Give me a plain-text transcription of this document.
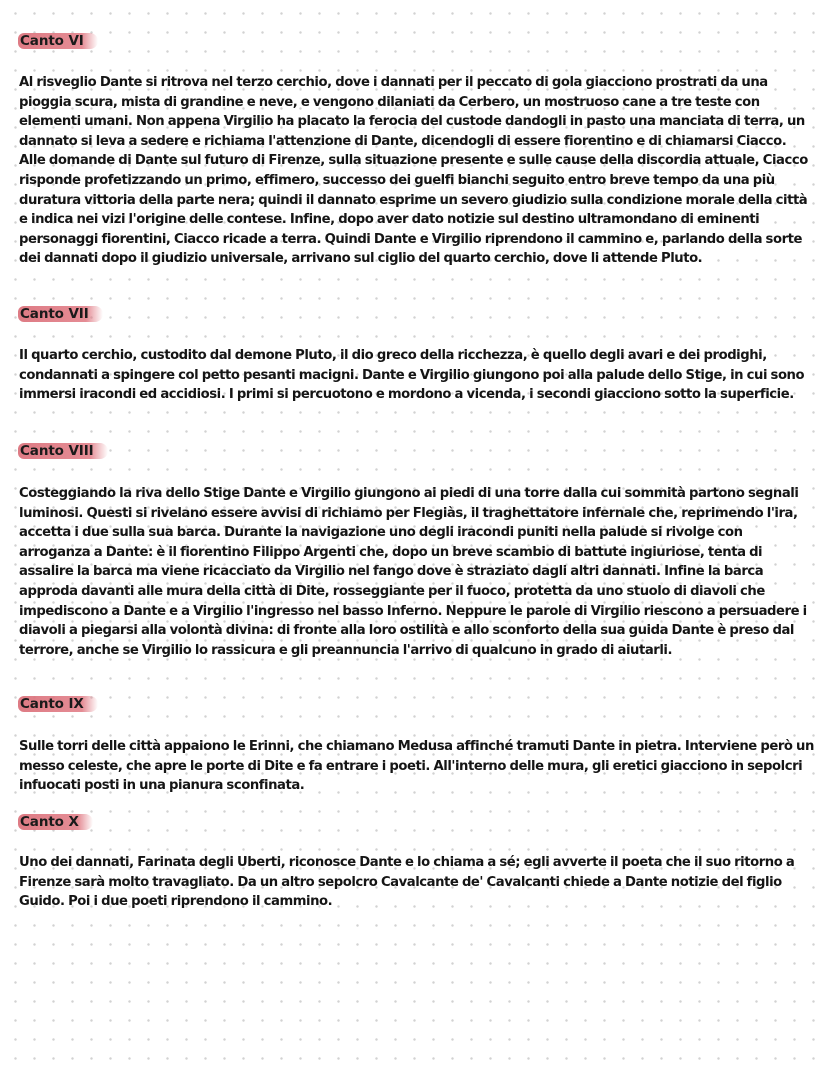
Canto VI

Al risveglio Dante si ritrova nel terzo cerchio, dove i dannati per il peccato di gola giacciono prostrati da una pioggia scura, mista di grandine e neve, e vengono dilaniati da Cerbero, un mostruoso cane a tre teste con elementi umani. Non appena Virgilio ha placato la ferocia del custode dandogli in pasto una manciata di terra, un dannato si leva a sedere e richiama l'attenzione di Dante, dicendogli di essere fiorentino e di chiamarsi Ciacco. Alle domande di Dante sul futuro di Firenze, sulla situazione presente e sulle cause della discordia attuale, Ciacco risponde profetizzando un primo, effimero, successo dei guelfi bianchi seguito entro breve tempo da una più duratura vittoria della parte nera; quindi il dannato esprime un severo giudizio sulla condizione morale della città e indica nei vizi l'origine delle contese. Infine, dopo aver dato notizie sul destino ultramondano di eminenti personaggi fiorentini, Ciacco ricade a terra. Quindi Dante e Virgilio riprendono il cammino e, parlando della sorte dei dannati dopo il giudizio universale, arrivano sul ciglio del quarto cerchio, dove li attende Pluto.

Canto VII

Il quarto cerchio, custodito dal demone Pluto, il dio greco della ricchezza, è quello degli avari e dei prodighi, condannati a spingere col petto pesanti macigni. Dante e Virgilio giungono poi alla palude dello Stige, in cui sono immersi iracondi ed accidiosi. I primi si percuotono e mordono a vicenda, i secondi giacciono sotto la superficie.

Canto VIII

Costeggiando la riva dello Stige Dante e Virgilio giungono ai piedi di una torre dalla cui sommità partono segnali luminosi. Questi si rivelano essere avvisi di richiamo per Flegiàs, il traghettatore infernale che, reprimendo l'ira, accetta i due sulla sua barca. Durante la navigazione uno degli iracondi puniti nella palude si rivolge con arroganza a Dante: è il fiorentino Filippo Argenti che, dopo un breve scambio di battute ingiuriose, tenta di assalire la barca ma viene ricacciato da Virgilio nel fango dove è straziato dagli altri dannati. Infine la barca approda davanti alle mura della città di Dite, rosseggiante per il fuoco, protetta da uno stuolo di diavoli che impediscono a Dante e a Virgilio l'ingresso nel basso Inferno. Neppure le parole di Virgilio riescono a persuadere i diavoli a piegarsi alla volontà divina: di fronte alla loro ostilità e allo sconforto della sua guida Dante è preso dal terrore, anche se Virgilio lo rassicura e gli preannuncia l'arrivo di qualcuno in grado di aiutarli.

Canto IX

Sulle torri delle città appaiono le Erinni, che chiamano Medusa affinché tramuti Dante in pietra. Interviene però un messo celeste, che apre le porte di Dite e fa entrare i poeti. All'interno delle mura, gli eretici giacciono in sepolcri infuocati posti in una pianura sconfinata.

Canto X

Uno dei dannati, Farinata degli Uberti, riconosce Dante e lo chiama a sé; egli avverte il poeta che il suo ritorno a Firenze sarà molto travagliato. Da un altro sepolcro Cavalcante de' Cavalcanti chiede a Dante notizie del figlio Guido. Poi i due poeti riprendono il cammino.
